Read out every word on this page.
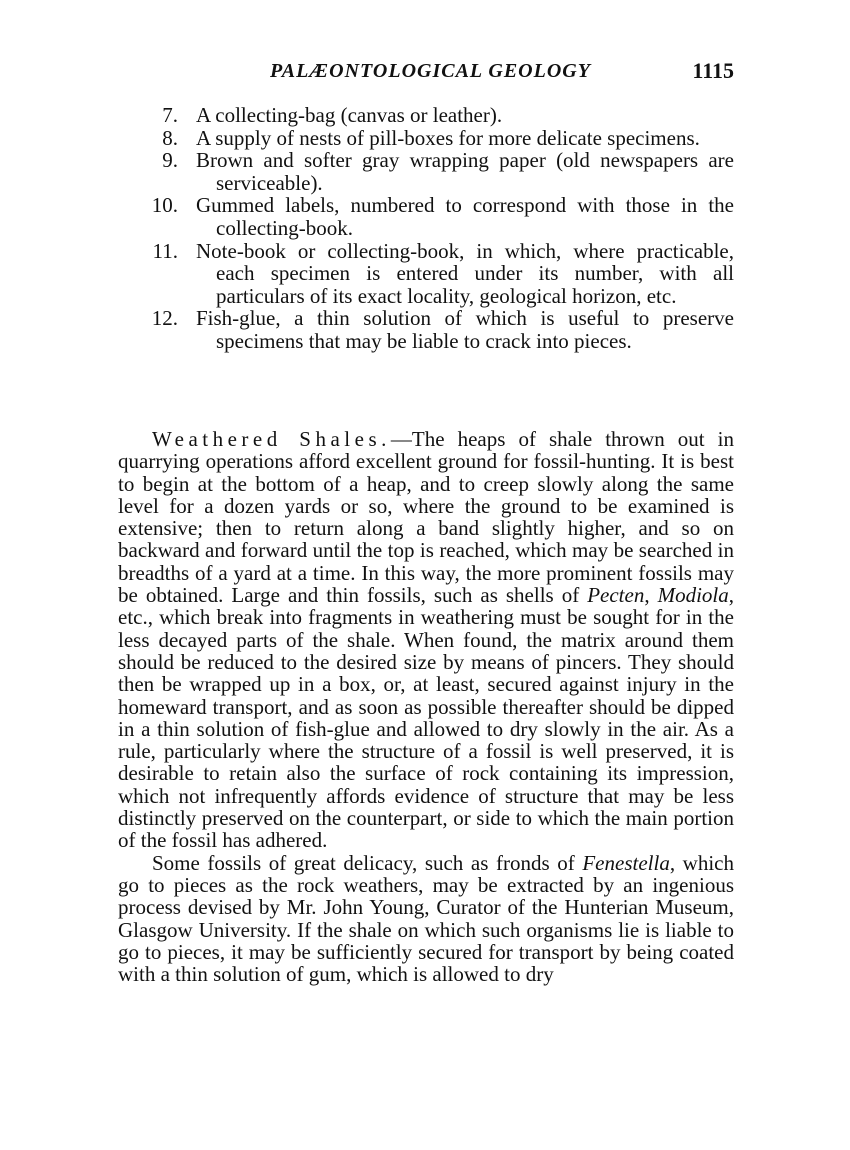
PALÆONTOLOGICAL GEOLOGY	1115
7. A collecting-bag (canvas or leather).
8. A supply of nests of pill-boxes for more delicate specimens.
9. Brown and softer gray wrapping paper (old newspapers are serviceable).
10. Gummed labels, numbered to correspond with those in the collecting-book.
11. Note-book or collecting-book, in which, where practicable, each specimen is entered under its number, with all particulars of its exact locality, geological horizon, etc.
12. Fish-glue, a thin solution of which is useful to preserve specimens that may be liable to crack into pieces.

Weathered Shales.—The heaps of shale thrown out in quarrying operations afford excellent ground for fossil-hunting. It is best to begin at the bottom of a heap, and to creep slowly along the same level for a dozen yards or so, where the ground to be examined is extensive; then to return along a band slightly higher, and so on backward and forward until the top is reached, which may be searched in breadths of a yard at a time. In this way, the more prominent fossils may be obtained. Large and thin fossils, such as shells of Pecten, Modiola, etc., which break into fragments in weathering must be sought for in the less decayed parts of the shale. When found, the matrix around them should be reduced to the desired size by means of pincers. They should then be wrapped up in a box, or, at least, secured against injury in the homeward transport, and as soon as possible thereafter should be dipped in a thin solution of fish-glue and allowed to dry slowly in the air. As a rule, particularly where the structure of a fossil is well preserved, it is desirable to retain also the surface of rock containing its impression, which not infrequently affords evidence of structure that may be less distinctly preserved on the counterpart, or side to which the main portion of the fossil has adhered.

Some fossils of great delicacy, such as fronds of Fenestella, which go to pieces as the rock weathers, may be extracted by an ingenious process devised by Mr. John Young, Curator of the Hunterian Museum, Glasgow University. If the shale on which such organisms lie is liable to go to pieces, it may be sufficiently secured for transport by being coated with a thin solution of gum, which is allowed to dry
